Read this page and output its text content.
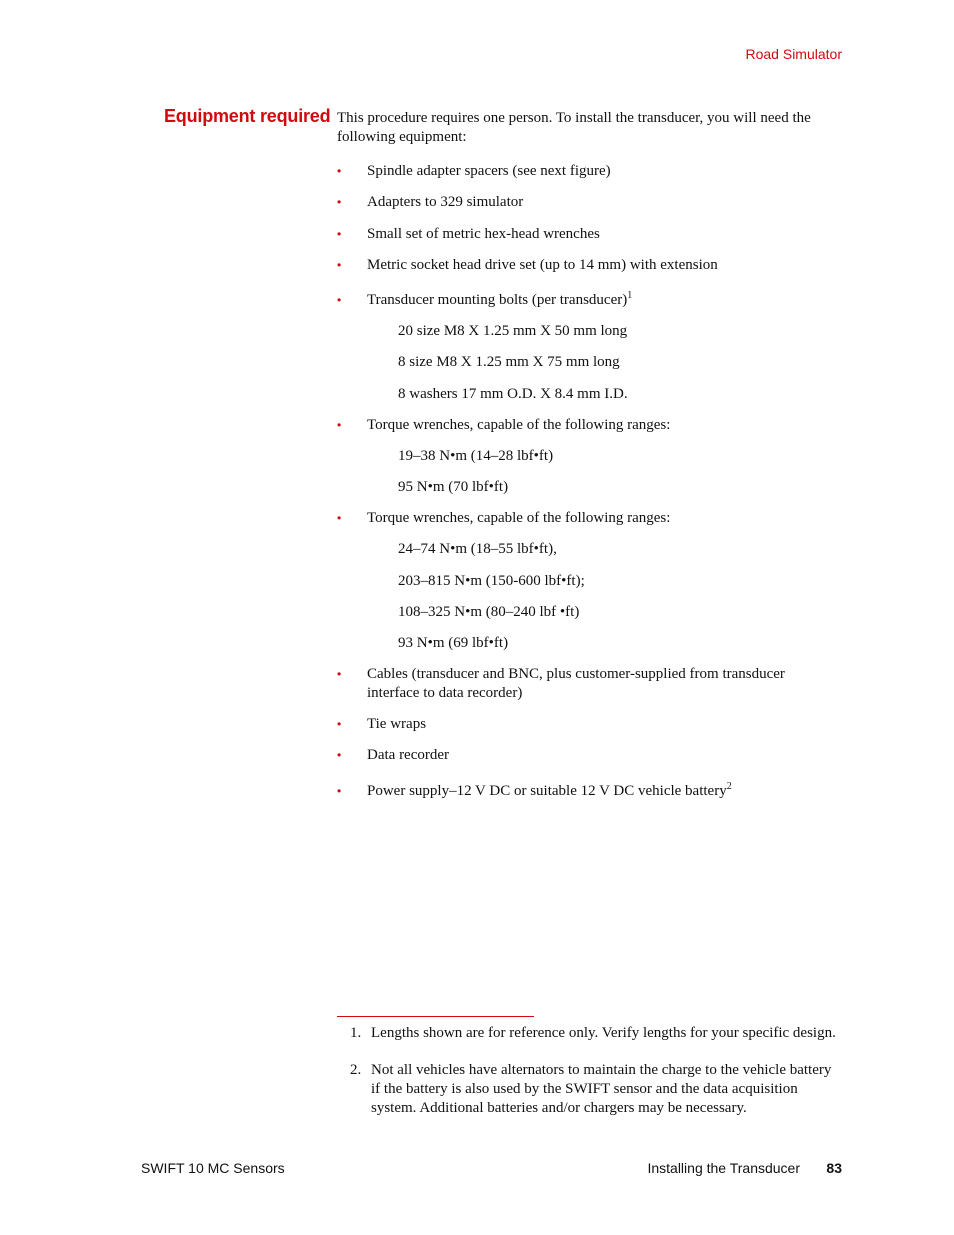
Road Simulator
Equipment required This procedure requires one person. To install the transducer, you will need the following equipment:
• Spindle adapter spacers (see next figure)
• Adapters to 329 simulator
• Small set of metric hex-head wrenches
• Metric socket head drive set (up to 14 mm) with extension
• Transducer mounting bolts (per transducer)$^1$
20 size M8 X 1.25 mm X 50 mm long
8 size M8 X 1.25 mm X 75 mm long
8 washers 17 mm O.D. X 8.4 mm I.D.
• Torque wrenches, capable of the following ranges:
19–38 N•m (14–28 lbf•ft)
95 N•m (70 lbf•ft)
• Torque wrenches, capable of the following ranges:
24–74 N•m (18–55 lbf•ft),
203–815 N•m (150-600 lbf•ft);
108–325 N•m (80–240 lbf •ft)
93 N•m (69 lbf•ft)
• Cables (transducer and BNC, plus customer-supplied from transducer interface to data recorder)
• Tie wraps
• Data recorder
• Power supply–12 V DC or suitable 12 V DC vehicle battery$^2$
1. Lengths shown are for reference only. Verify lengths for your specific design.
2. Not all vehicles have alternators to maintain the charge to the vehicle battery if the battery is also used by the SWIFT sensor and the data acquisition system. Additional batteries and/or chargers may be necessary.
SWIFT 10 MC Sensors	Installing the Transducer 83
